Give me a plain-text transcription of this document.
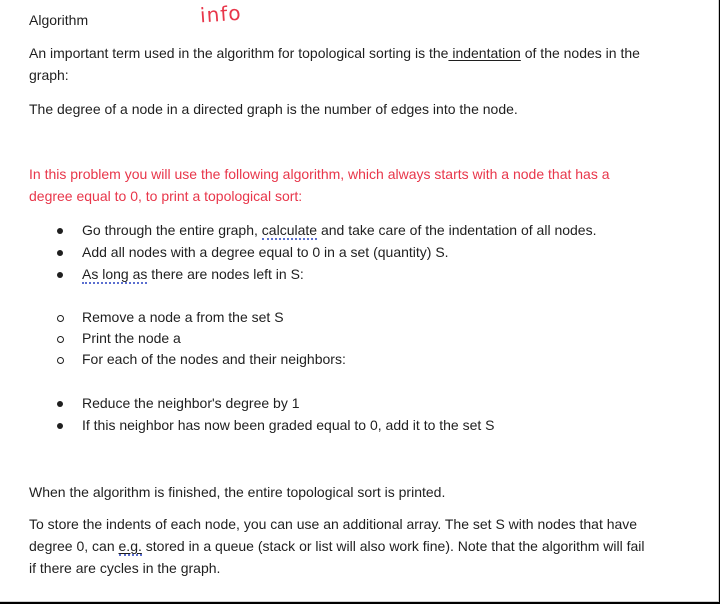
Algorithm	info
An important term used in the algorithm for topological sorting is the indentation of the nodes in the
graph:
The degree of a node in a directed graph is the number of edges into the node.
In this problem you will use the following algorithm, which always starts with a node that has a
degree equal to 0, to print a topological sort:
Go through the entire graph, calculate and take care of the indentation of all nodes.
Add all nodes with a degree equal to 0 in a set (quantity) S.
As long as there are nodes left in S:
Remove a node a from the set S
Print the node a
For each of the nodes and their neighbors:
Reduce the neighbor's degree by 1
If this neighbor has now been graded equal to 0, add it to the set S
When the algorithm is finished, the entire topological sort is printed.
To store the indents of each node, you can use an additional array. The set S with nodes that have
degree 0, can e.g. stored in a queue (stack or list will also work fine). Note that the algorithm will fail
if there are cycles in the graph.
